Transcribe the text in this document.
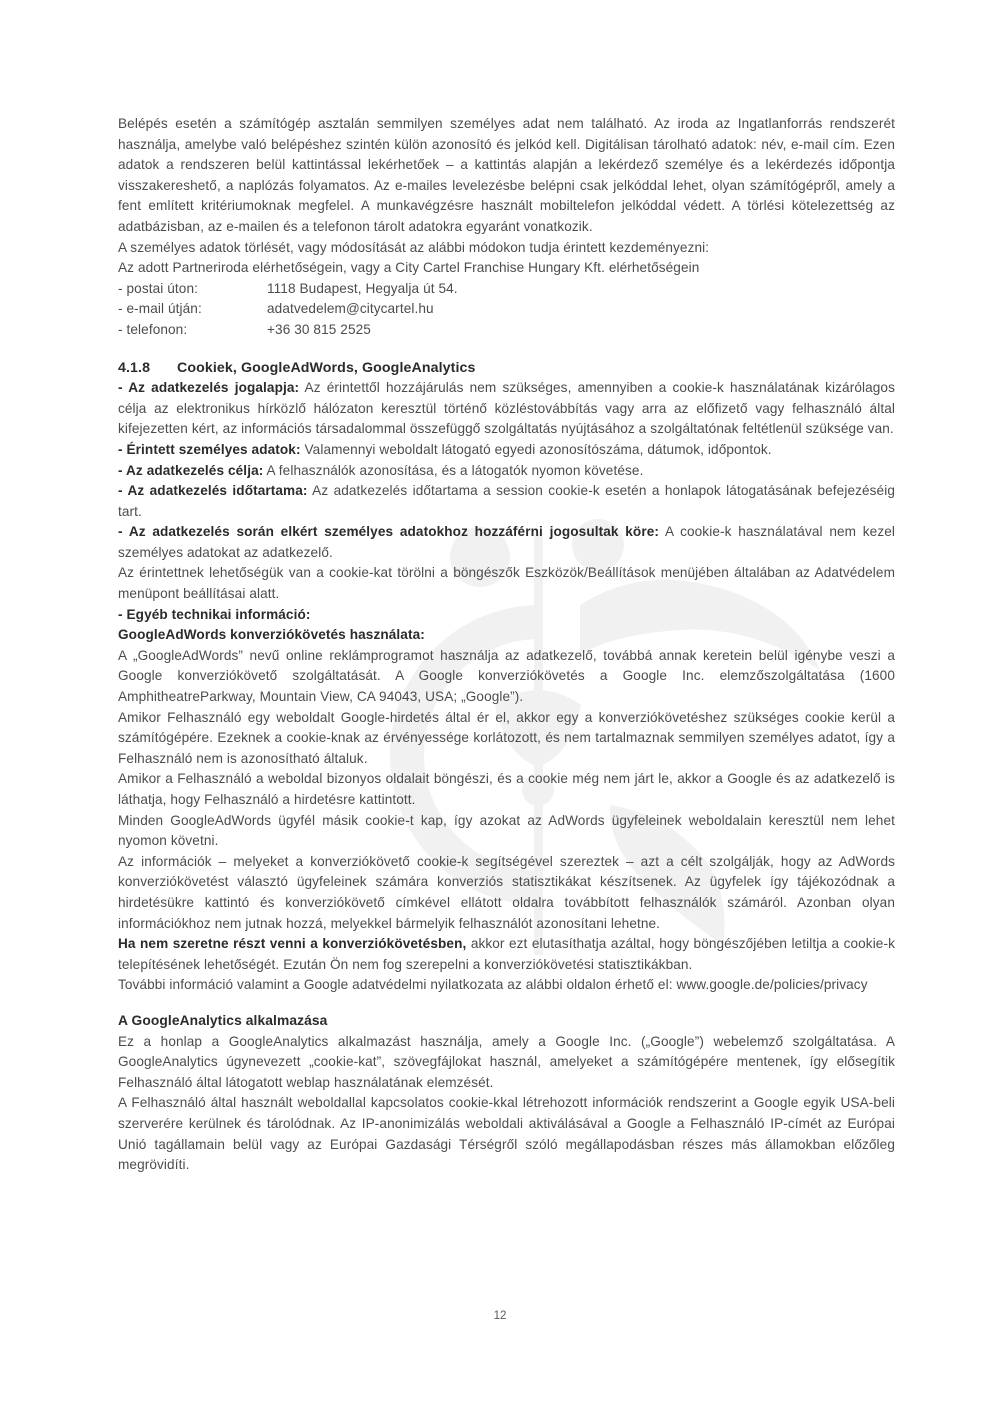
Belépés esetén a számítógép asztalán semmilyen személyes adat nem található. Az iroda az Ingatlanforrás rendszerét használja, amelybe való belépéshez szintén külön azonosító és jelkód kell. Digitálisan tárolható adatok: név, e-mail cím. Ezen adatok a rendszeren belül kattintással lekérhetőek – a kattintás alapján a lekérdező személye és a lekérdezés időpontja visszakereshető, a naplózás folyamatos. Az e-mailes levelezésbe belépni csak jelkóddal lehet, olyan számítógépről, amely a fent említett kritériumoknak megfelel. A munkavégzésre használt mobiltelefon jelkóddal védett. A törlési kötelezettség az adatbázisban, az e-mailen és a telefonon tárolt adatokra egyaránt vonatkozik.

A személyes adatok törlését, vagy módosítását az alábbi módokon tudja érintett kezdeményezni:

Az adott Partneriroda elérhetőségein, vagy a City Cartel Franchise Hungary Kft. elérhetőségein

- postai úton:	1118 Budapest, Hegyalja út 54.
- e-mail útján:	adatvedelem@citycartel.hu
- telefonon:	+36 30 815 2525
4.1.8 Cookiek, GoogleAdWords, GoogleAnalytics

- Az adatkezelés jogalapja: Az érintettől hozzájárulás nem szükséges, amennyiben a cookie-k használatának kizárólagos célja az elektronikus hírközlő hálózaton keresztül történő közléstovábbítás vagy arra az előfizető vagy felhasználó által kifejezetten kért, az információs társadalommal összefüggő szolgáltatás nyújtásához a szolgáltatónak feltétlenül szüksége van.

- Érintett személyes adatok: Valamennyi weboldalt látogató egyedi azonosítószáma, dátumok, időpontok.

- Az adatkezelés célja: A felhasználók azonosítása, és a látogatók nyomon követése.

- Az adatkezelés időtartama: Az adatkezelés időtartama a session cookie-k esetén a honlapok látogatásának befejezéséig tart.

- Az adatkezelés során elkért személyes adatokhoz hozzáférni jogosultak köre: A cookie-k használatával nem kezel személyes adatokat az adatkezelő.

Az érintettnek lehetőségük van a cookie-kat törölni a böngészők Eszközök/Beállítások menüjében általában az Adatvédelem menüpont beállításai alatt.

- Egyéb technikai információ:

GoogleAdWords konverziókövetés használata:

A „GoogleAdWords” nevű online reklámprogramot használja az adatkezelő, továbbá annak keretein belül igénybe veszi a Google konverziókövető szolgáltatását. A Google konverziókövetés a Google Inc. elemzőszolgáltatása (1600 AmphitheatreParkway, Mountain View, CA 94043, USA; „Google”).

Amikor Felhasználó egy weboldalt Google-hirdetés által ér el, akkor egy a konverziókövetéshez szükséges cookie kerül a számítógépére. Ezeknek a cookie-knak az érvényessége korlátozott, és nem tartalmaznak semmilyen személyes adatot, így a Felhasználó nem is azonosítható általuk.

Amikor a Felhasználó a weboldal bizonyos oldalait böngészi, és a cookie még nem járt le, akkor a Google és az adatkezelő is láthatja, hogy Felhasználó a hirdetésre kattintott.

Minden GoogleAdWords ügyfél másik cookie-t kap, így azokat az AdWords ügyfeleinek weboldalain keresztül nem lehet nyomon követni.

Az információk – melyeket a konverziókövető cookie-k segítségével szereztek – azt a célt szolgálják, hogy az AdWords konverziókövetést választó ügyfeleinek számára konverziós statisztikákat készítsenek. Az ügyfelek így tájékozódnak a hirdetésükre kattintó és konverziókövető címkével ellátott oldalra továbbított felhasználók számáról. Azonban olyan információkhoz nem jutnak hozzá, melyekkel bármelyik felhasználót azonosítani lehetne.

Ha nem szeretne részt venni a konverziókövetésben, akkor ezt elutasíthatja azáltal, hogy böngészőjében letiltja a cookie-k telepítésének lehetőségét. Ezután Ön nem fog szerepelni a konverziókövetési statisztikákban.

További információ valamint a Google adatvédelmi nyilatkozata az alábbi oldalon érhető el: www.google.de/policies/privacy

A GoogleAnalytics alkalmazása

Ez a honlap a GoogleAnalytics alkalmazást használja, amely a Google Inc. („Google”) webelemző szolgáltatása. A GoogleAnalytics úgynevezett „cookie-kat”, szövegfájlokat használ, amelyeket a számítógépére mentenek, így elősegítik Felhasználó által látogatott weblap használatának elemzését.

A Felhasználó által használt weboldallal kapcsolatos cookie-kkal létrehozott információk rendszerint a Google egyik USA-beli szerverére kerülnek és tárolódnak. Az IP-anonimizálás weboldali aktiválásával a Google a Felhasználó IP-címét az Európai Unió tagállamain belül vagy az Európai Gazdasági Térségről szóló megállapodásban részes más államokban előzőleg megrövidíti.

12
